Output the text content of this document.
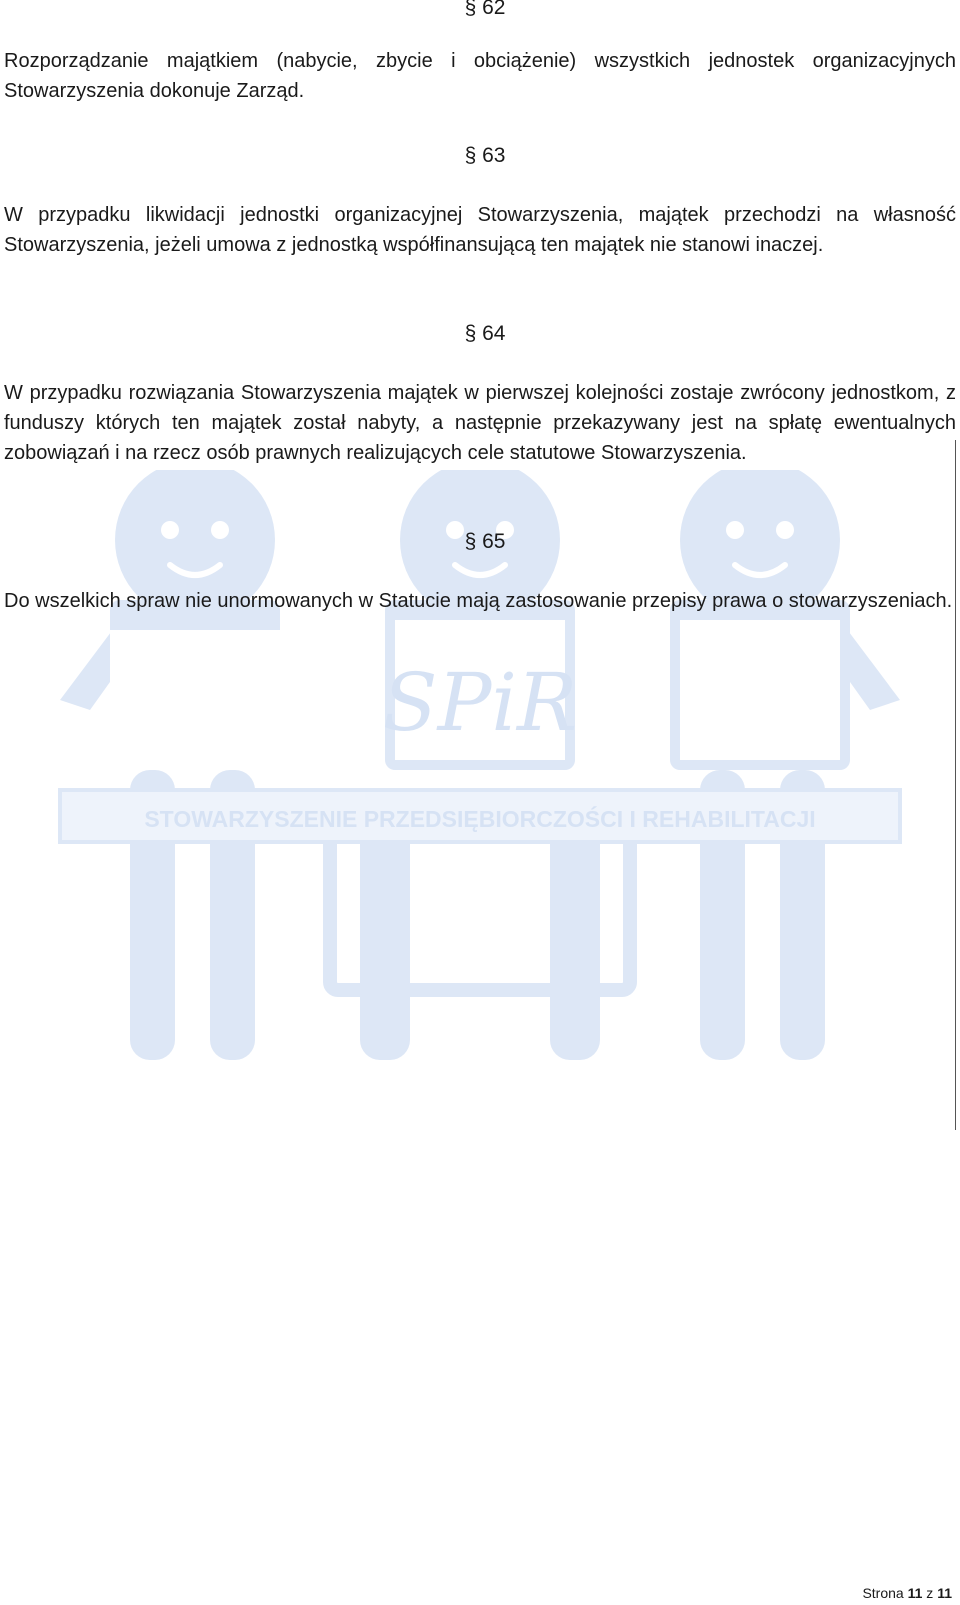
SPiR
STOWARZYSZENIE PRZEDSIĘBIORCZOŚCI I REHABILITACJI

§ 62

Rozporządzanie majątkiem (nabycie, zbycie i obciążenie) wszystkich jednostek organizacyjnych Stowarzyszenia dokonuje Zarząd.

§ 63

W przypadku likwidacji jednostki organizacyjnej Stowarzyszenia, majątek przechodzi na własność Stowarzyszenia, jeżeli umowa z jednostką współfinansującą ten majątek nie stanowi inaczej.

§ 64

W przypadku rozwiązania Stowarzyszenia majątek w pierwszej kolejności zostaje zwrócony jednostkom, z funduszy których ten majątek został nabyty, a następnie przekazywany jest na spłatę ewentualnych zobowiązań i na rzecz osób prawnych realizujących cele statutowe Stowarzyszenia.

§ 65

Do wszelkich spraw nie unormowanych w Statucie mają zastosowanie przepisy prawa o stowarzyszeniach.

Strona 11 z 11
